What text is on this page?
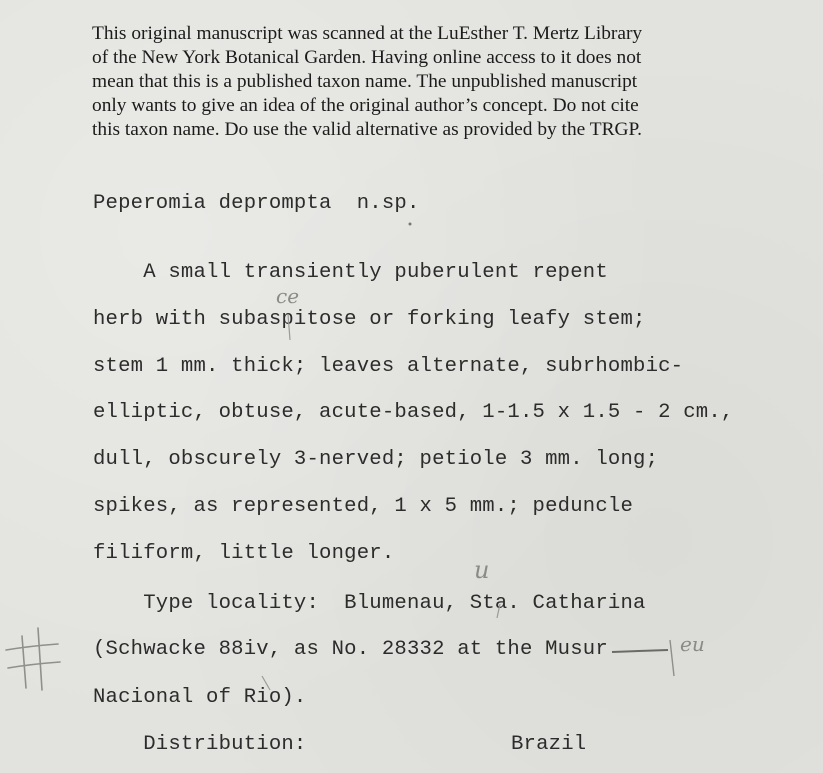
This original manuscript was scanned at the LuEsther T. Mertz Library
of the New York Botanical Garden. Having online access to it does not
mean that this is a published taxon name. The unpublished manuscript
only wants to give an idea of the original author’s concept. Do not cite
this taxon name. Do use the valid alternative as provided by the TRGP.
Peperomia deprompta  n.sp.
A small transiently puberulent repent
herb with subaspitose or forking leafy stem;
stem 1 mm. thick; leaves alternate, subrhombic-
elliptic, obtuse, acute-based, 1-1.5 x 1.5 - 2 cm.,
dull, obscurely 3-nerved; petiole 3 mm. long;
spikes, as represented, 1 x 5 mm.; peduncle
filiform, little longer.
Type locality:  Blumenau, Sta. Catharina
(Schwacke 88iv, as No. 28332 at the Musur
Nacional of Rio).
Distribution:	Brazil
ce
u
eu
